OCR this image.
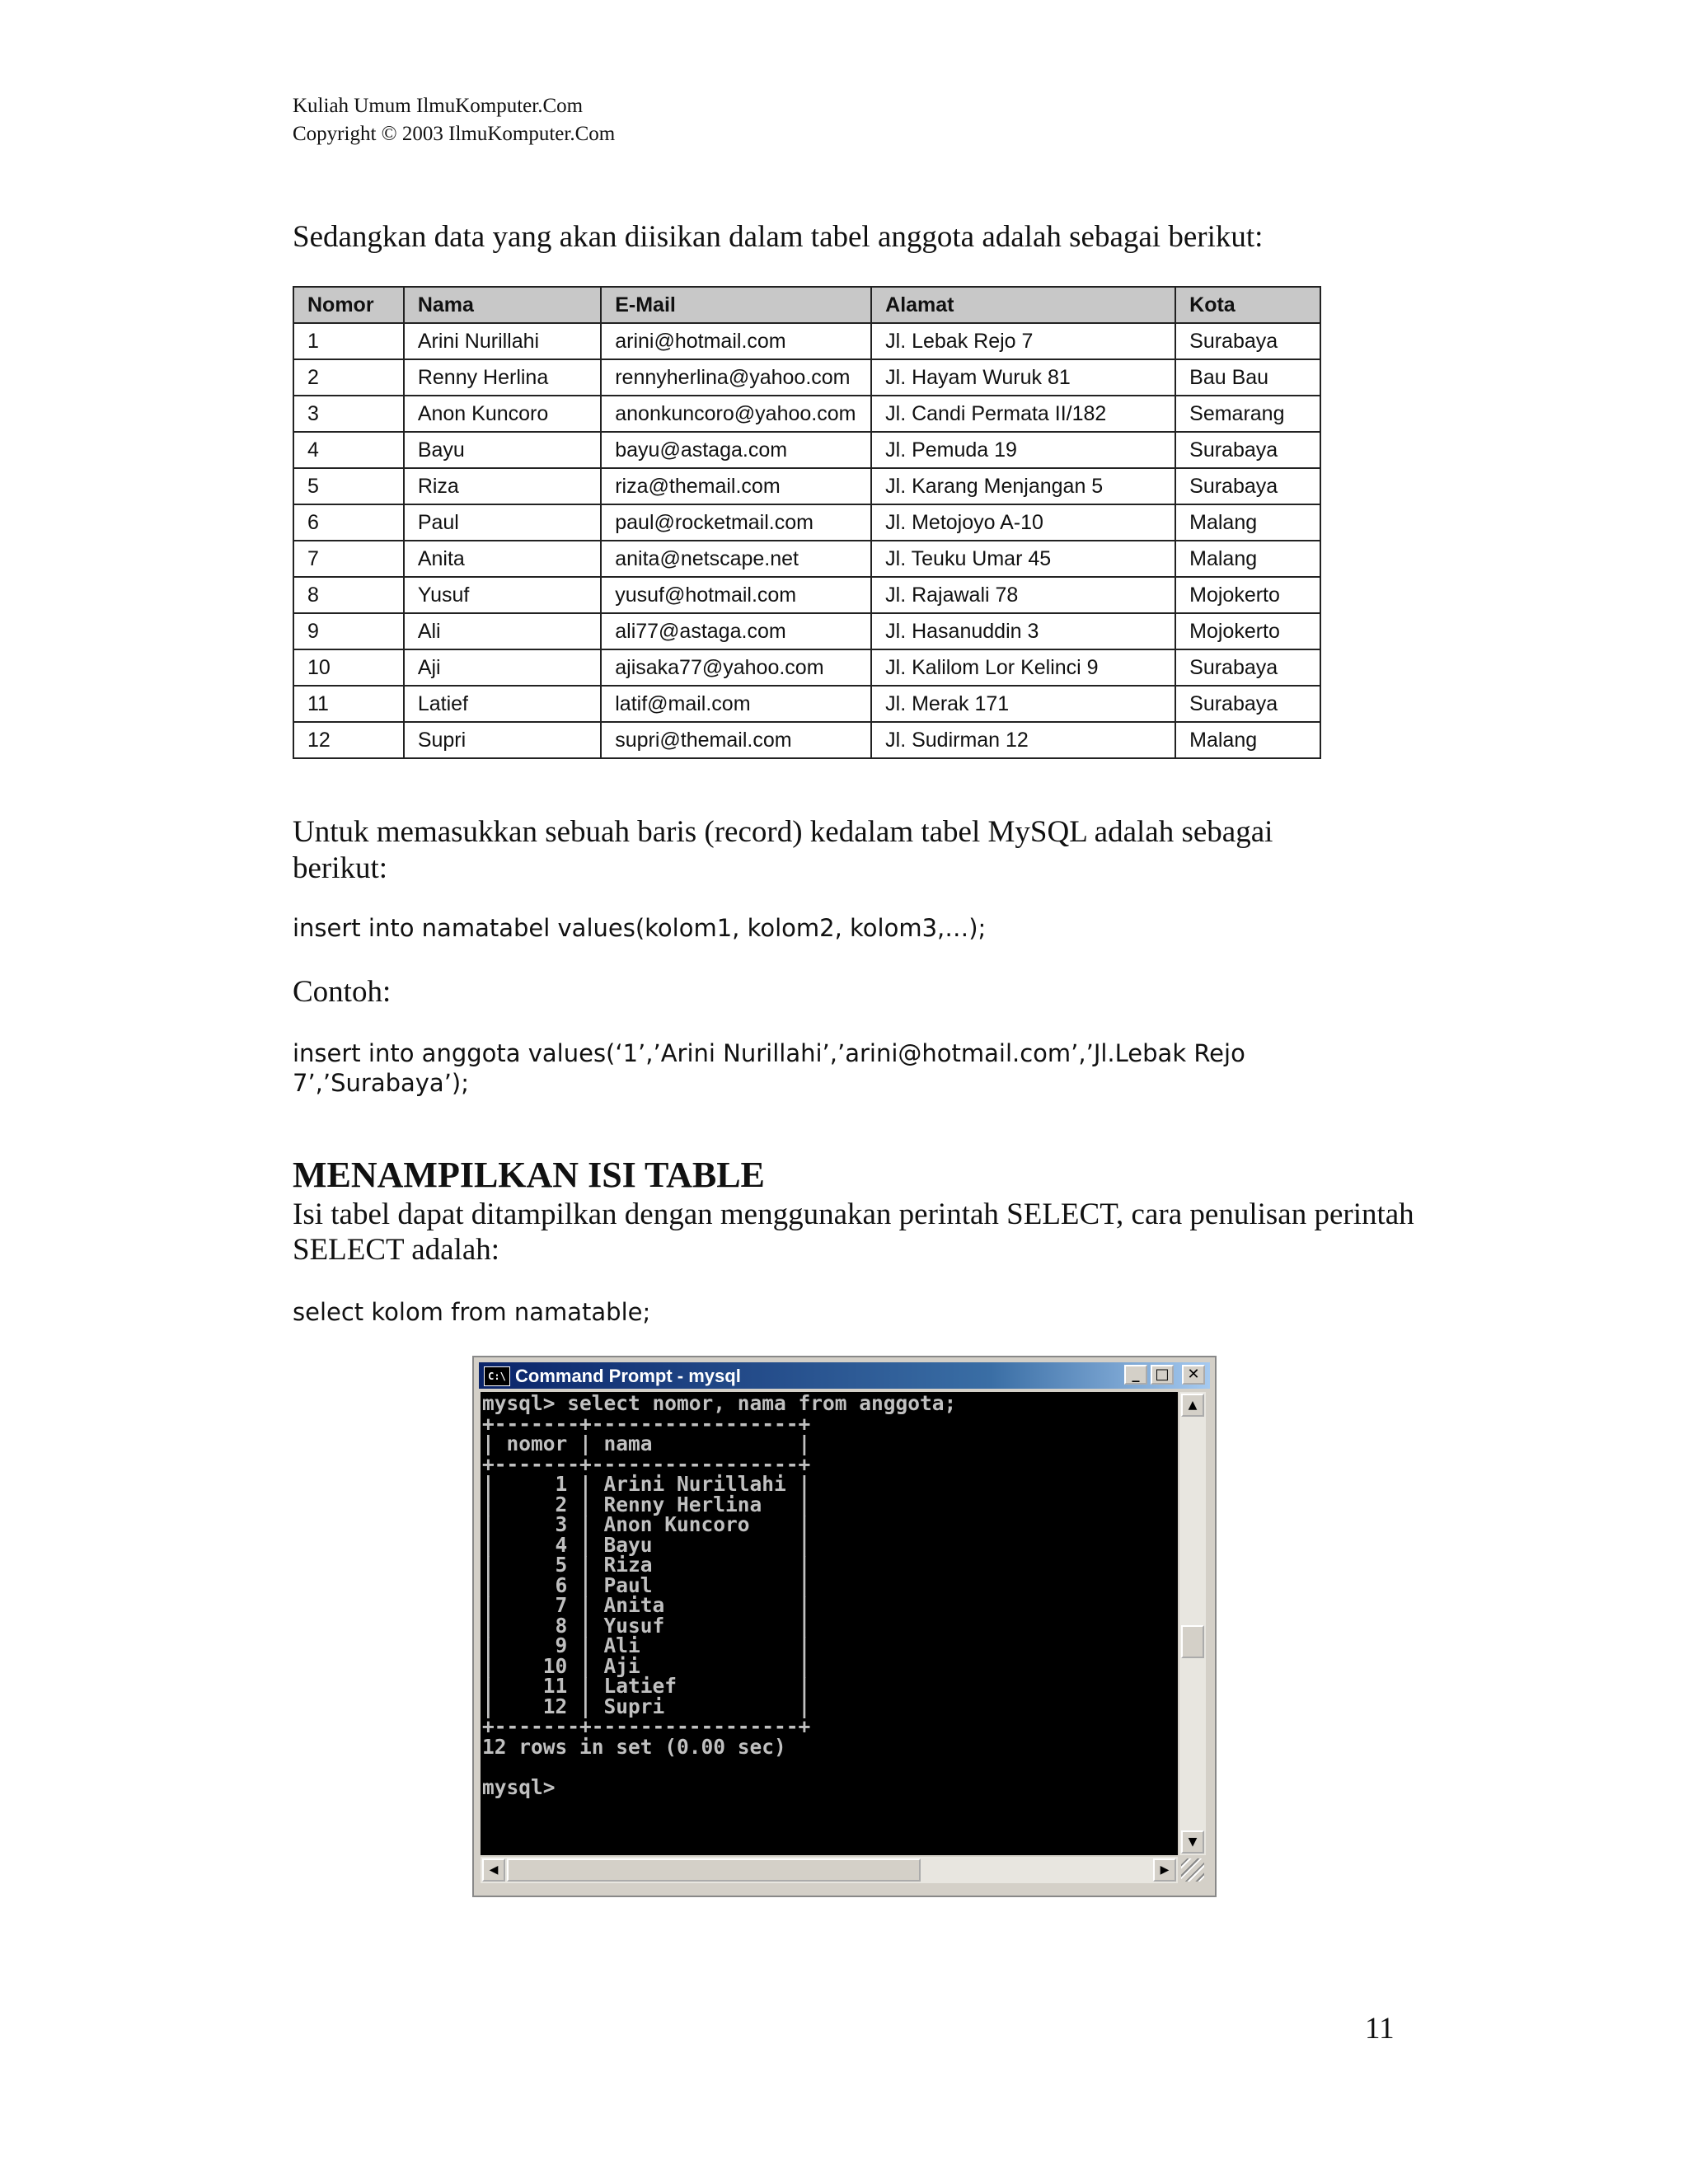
Kuliah Umum IlmuKomputer.Com
Copyright © 2003 IlmuKomputer.Com
Sedangkan data yang akan diisikan dalam tabel anggota adalah sebagai berikut:
Nomor	Nama	E-Mail	Alamat	Kota
1	Arini Nurillahi	arini@hotmail.com	Jl. Lebak Rejo 7	Surabaya
2	Renny Herlina	rennyherlina@yahoo.com	Jl. Hayam Wuruk 81	Bau Bau
3	Anon Kuncoro	anonkuncoro@yahoo.com	Jl. Candi Permata II/182	Semarang
4	Bayu	bayu@astaga.com	Jl. Pemuda 19	Surabaya
5	Riza	riza@themail.com	Jl. Karang Menjangan 5	Surabaya
6	Paul	paul@rocketmail.com	Jl. Metojoyo A-10	Malang
7	Anita	anita@netscape.net	Jl. Teuku Umar 45	Malang
8	Yusuf	yusuf@hotmail.com	Jl. Rajawali 78	Mojokerto
9	Ali	ali77@astaga.com	Jl. Hasanuddin 3	Mojokerto
10	Aji	ajisaka77@yahoo.com	Jl. Kalilom Lor Kelinci 9	Surabaya
11	Latief	latif@mail.com	Jl. Merak 171	Surabaya
12	Supri	supri@themail.com	Jl. Sudirman 12	Malang
Untuk memasukkan sebuah baris (record) kedalam tabel MySQL adalah sebagai berikut:
insert into namatabel values(kolom1, kolom2, kolom3,…);
Contoh:
insert into anggota values(‘1’,’Arini Nurillahi’,’arini@hotmail.com’,’Jl.Lebak Rejo 7’,’Surabaya’);
MENAMPILKAN ISI TABLE
Isi tabel dapat ditampilkan dengan menggunakan perintah SELECT, cara penulisan perintah SELECT adalah:
select kolom from namatable;
C:\ Command Prompt - mysql	_	□	✕
mysql> select nomor, nama from anggota;
+-------+-----------------+
| nomor | nama            |
+-------+-----------------+
|     1 | Arini Nurillahi |
|     2 | Renny Herlina   |
|     3 | Anon Kuncoro    |
|     4 | Bayu            |
|     5 | Riza            |
|     6 | Paul            |
|     7 | Anita           |
|     8 | Yusuf           |
|     9 | Ali             |
|    10 | Aji             |
|    11 | Latief          |
|    12 | Supri           |
+-------+-----------------+
12 rows in set (0.00 sec)

mysql>
▲
▼
◀	▶
11
